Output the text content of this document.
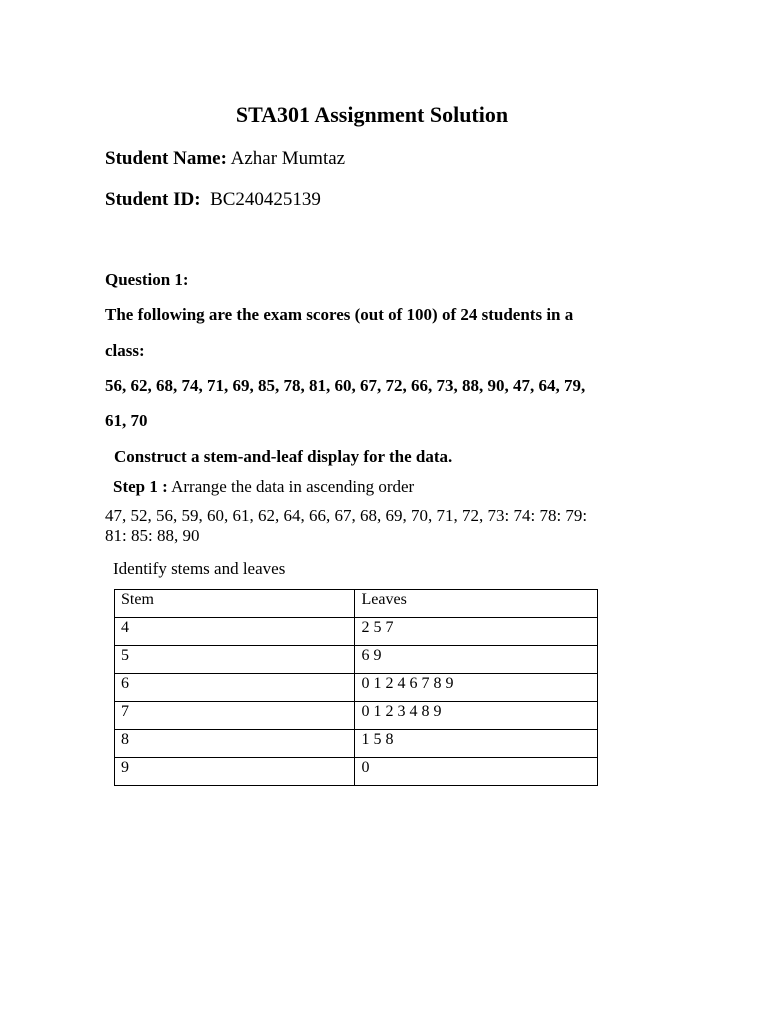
STA301 Assignment Solution
Student Name: Azhar Mumtaz
Student ID: BC240425139
Question 1:
The following are the exam scores (out of 100) of 24 students in a
class:
56, 62, 68, 74, 71, 69, 85, 78, 81, 60, 67, 72, 66, 73, 88, 90, 47, 64, 79,
61, 70
Construct a stem-and-leaf display for the data.
Step 1 : Arrange the data in ascending order
47, 52, 56, 59, 60, 61, 62, 64, 66, 67, 68, 69, 70, 71, 72, 73: 74: 78: 79:
81: 85: 88, 90
Identify stems and leaves
Stem	Leaves
4	2 5 7
5	6 9
6	0 1 2 4 6 7 8 9
7	0 1 2 3 4 8 9
8	1 5 8
9	0
